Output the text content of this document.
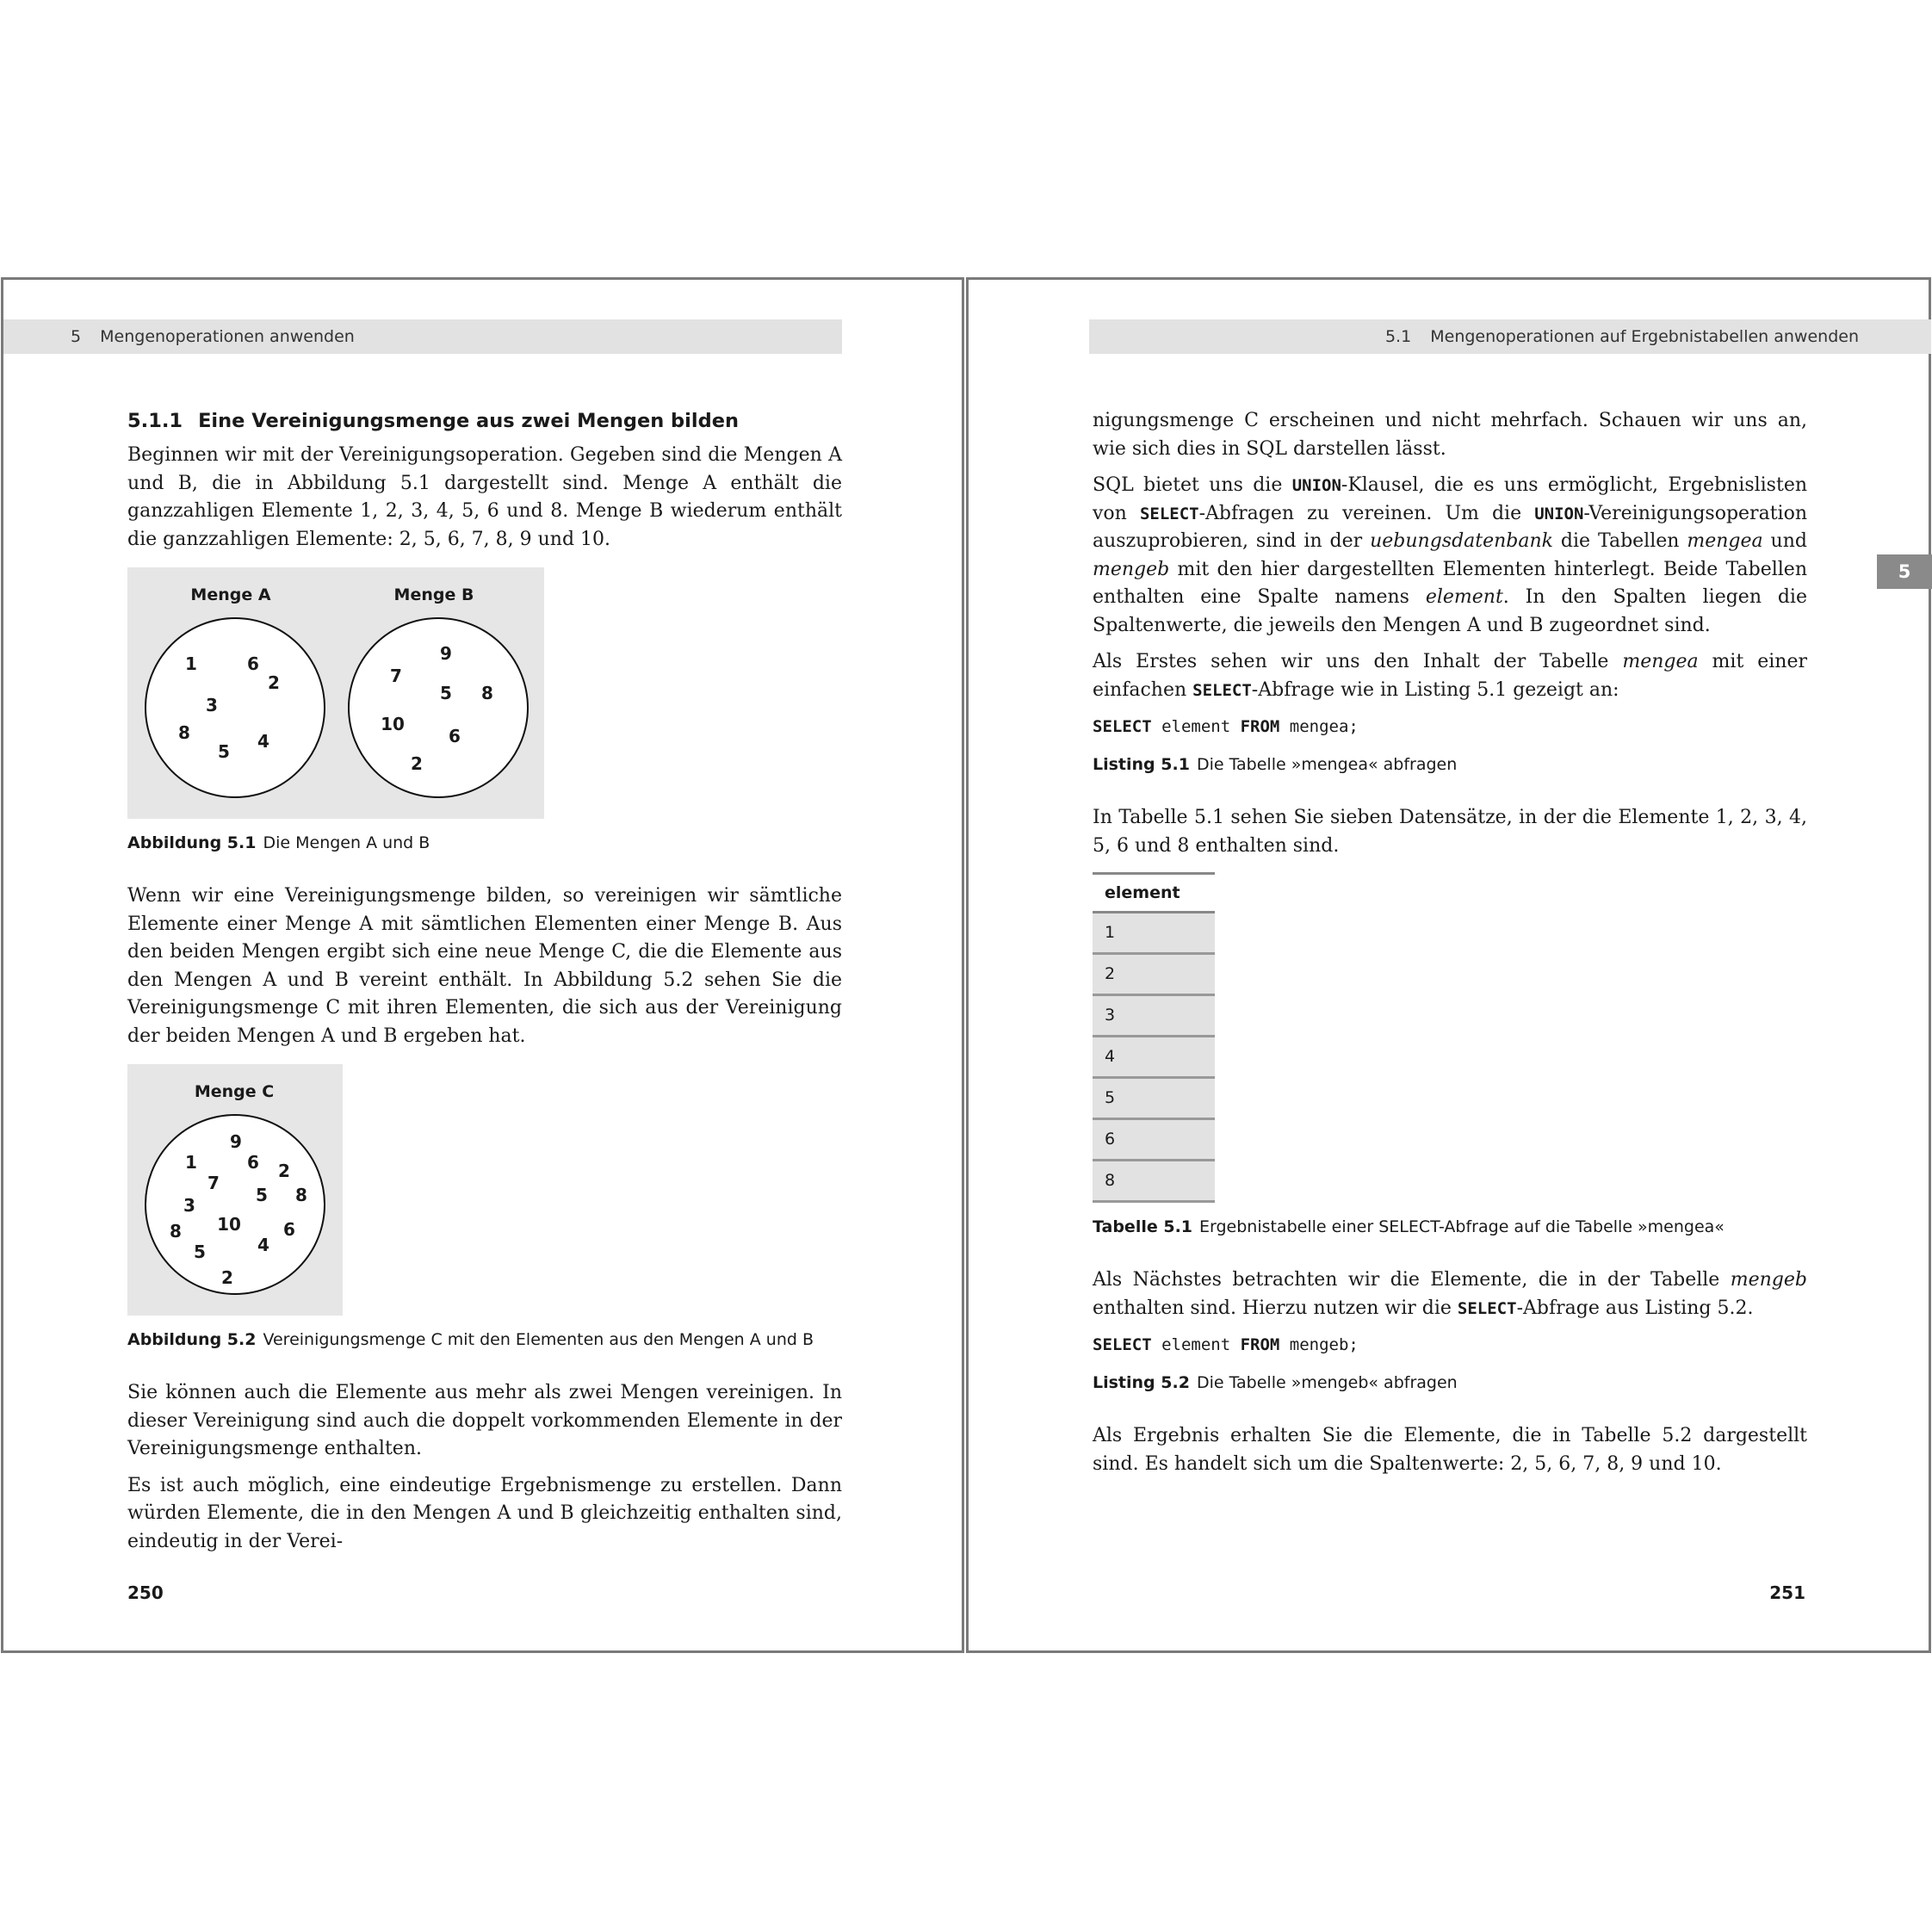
5 Mengenoperationen anwenden
5.1.1 Eine Vereinigungsmenge aus zwei Mengen bilden

Beginnen wir mit der Vereinigungsoperation. Gegeben sind die Mengen A und B, die in Abbildung 5.1 dargestellt sind. Menge A enthält die ganzzahligen Elemente 1, 2, 3, 4, 5, 6 und 8. Menge B wiederum enthält die ganzzahligen Elemente: 2, 5, 6, 7, 8, 9 und 10.

Menge A	Menge B
1	6
2
3
8
5 4
9
7
5 8
10
6
2
Abbildung 5.1 Die Mengen A und B

Wenn wir eine Vereinigungsmenge bilden, so vereinigen wir sämtliche Elemente einer Menge A mit sämtlichen Elementen einer Menge B. Aus den beiden Mengen ergibt sich eine neue Menge C, die die Elemente aus den Mengen A und B vereint enthält. In Abbildung 5.2 sehen Sie die Vereinigungsmenge C mit ihren Elementen, die sich aus der Vereinigung der beiden Mengen A und B ergeben hat.

Menge C
9
1	6 2
7
5 8
3
10 6
8
4
5
2
Abbildung 5.2 Vereinigungsmenge C mit den Elementen aus den Mengen A und B

Sie können auch die Elemente aus mehr als zwei Mengen vereinigen. In dieser Vereinigung sind auch die doppelt vorkommenden Elemente in der Vereinigungsmenge enthalten.

Es ist auch möglich, eine eindeutige Ergebnismenge zu erstellen. Dann würden Elemente, die in den Mengen A und B gleichzeitig enthalten sind, eindeutig in der Verei-

250
5.1 Mengenoperationen auf Ergebnistabellen anwenden

nigungsmenge C erscheinen und nicht mehrfach. Schauen wir uns an, wie sich dies in SQL darstellen lässt.

SQL bietet uns die UNION-Klausel, die es uns ermöglicht, Ergebnislisten von SELECT-Abfragen zu vereinen. Um die UNION-Vereinigungsoperation auszuprobieren, sind in der uebungsdatenbank die Tabellen mengea und mengeb mit den hier dargestellten Elementen hinterlegt. Beide Tabellen enthalten eine Spalte namens element. In den Spalten liegen die Spaltenwerte, die jeweils den Mengen A und B zugeordnet sind.

Als Erstes sehen wir uns den Inhalt der Tabelle mengea mit einer einfachen SELECT-Abfrage wie in Listing 5.1 gezeigt an:

SELECT element FROM mengea;
Listing 5.1 Die Tabelle »mengea« abfragen

In Tabelle 5.1 sehen Sie sieben Datensätze, in der die Elemente 1, 2, 3, 4, 5, 6 und 8 enthalten sind.

element
1
2
3
4
5
6
8
Tabelle 5.1 Ergebnistabelle einer SELECT-Abfrage auf die Tabelle »mengea«

Als Nächstes betrachten wir die Elemente, die in der Tabelle mengeb enthalten sind. Hierzu nutzen wir die SELECT-Abfrage aus Listing 5.2.

SELECT element FROM mengeb;
Listing 5.2 Die Tabelle »mengeb« abfragen

Als Ergebnis erhalten Sie die Elemente, die in Tabelle 5.2 dargestellt sind. Es handelt sich um die Spaltenwerte: 2, 5, 6, 7, 8, 9 und 10.

251
5
